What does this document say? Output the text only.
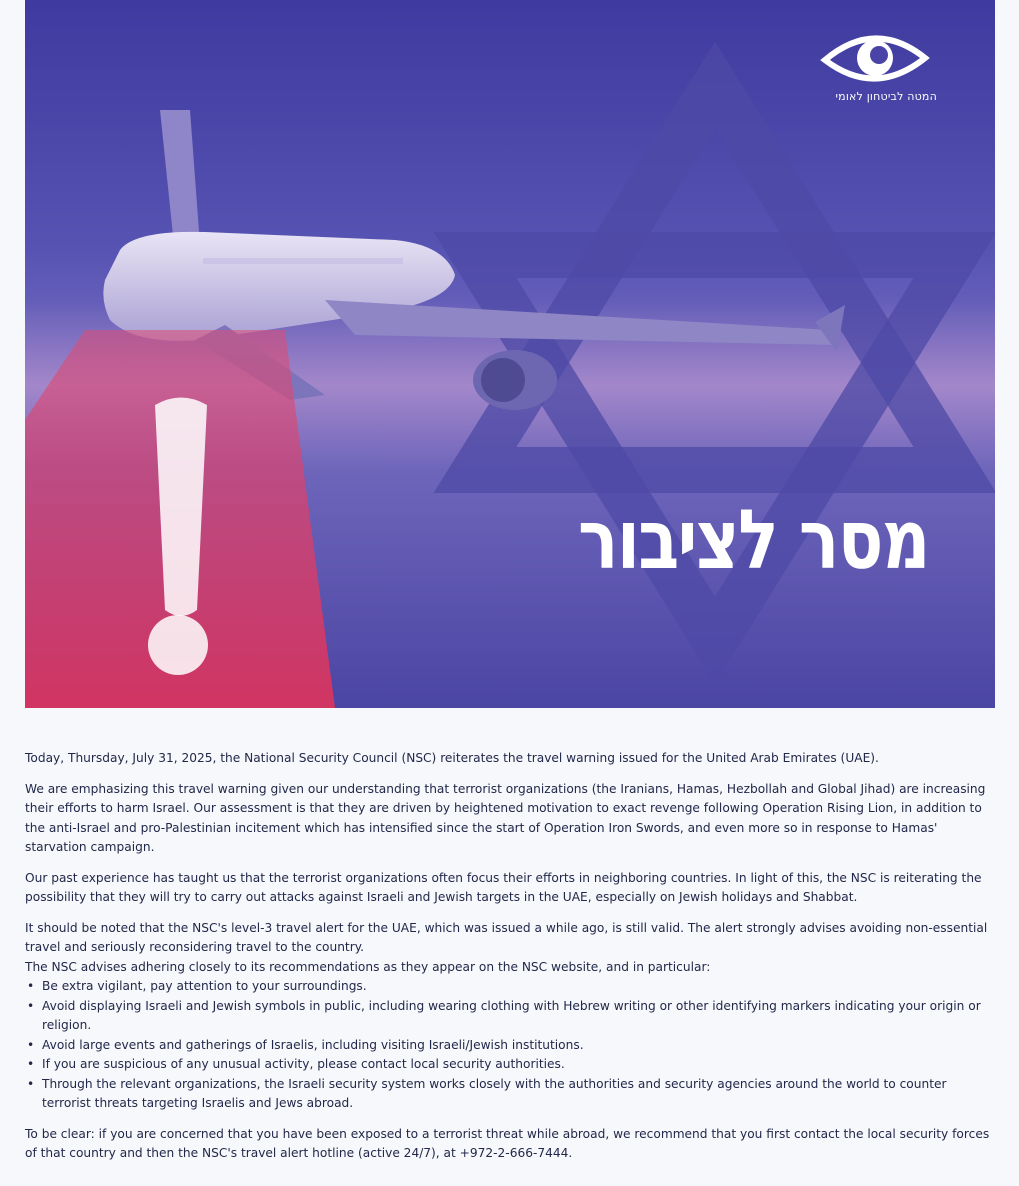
המטה לביטחון לאומי
מסר לציבור

Today, Thursday, July 31, 2025, the National Security Council (NSC) reiterates the travel warning issued for the United Arab Emirates (UAE).

We are emphasizing this travel warning given our understanding that terrorist organizations (the Iranians, Hamas, Hezbollah and Global Jihad) are increasing their efforts to harm Israel. Our assessment is that they are driven by heightened motivation to exact revenge following Operation Rising Lion, in addition to the anti-Israel and pro-Palestinian incitement which has intensified since the start of Operation Iron Swords, and even more so in response to Hamas' starvation campaign.

Our past experience has taught us that the terrorist organizations often focus their efforts in neighboring countries. In light of this, the NSC is reiterating the possibility that they will try to carry out attacks against Israeli and Jewish targets in the UAE, especially on Jewish holidays and Shabbat.

It should be noted that the NSC's level-3 travel alert for the UAE, which was issued a while ago, is still valid. The alert strongly advises avoiding non-essential travel and seriously reconsidering travel to the country.

The NSC advises adhering closely to its recommendations as they appear on the NSC website, and in particular:

• Be extra vigilant, pay attention to your surroundings.
• Avoid displaying Israeli and Jewish symbols in public, including wearing clothing with Hebrew writing or other identifying markers indicating your origin or religion.
• Avoid large events and gatherings of Israelis, including visiting Israeli/Jewish institutions.
• If you are suspicious of any unusual activity, please contact local security authorities.
• Through the relevant organizations, the Israeli security system works closely with the authorities and security agencies around the world to counter terrorist threats targeting Israelis and Jews abroad.

To be clear: if you are concerned that you have been exposed to a terrorist threat while abroad, we recommend that you first contact the local security forces of that country and then the NSC's travel alert hotline (active 24/7), at +972-2-666-7444.
